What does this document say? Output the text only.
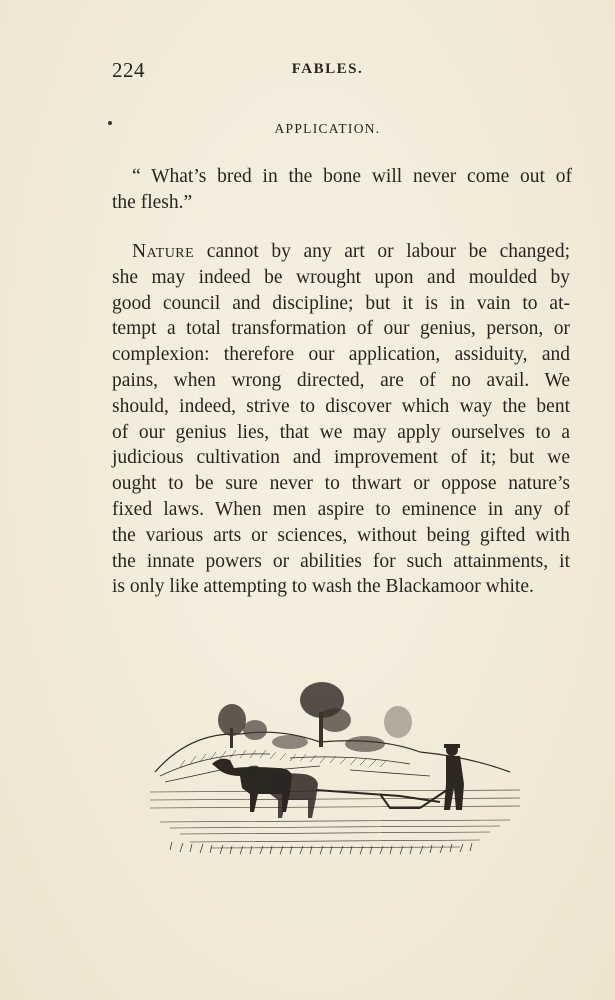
224	FABLES.
APPLICATION.
“ What’s bred in the bone will never come out of
the flesh.”
Nature cannot by any art or labour be changed;
she may indeed be wrought upon and moulded by
good council and discipline; but it is in vain to at-
tempt a total transformation of our genius, person, or
complexion: therefore our application, assiduity, and
pains, when wrong directed, are of no avail. We
should, indeed, strive to discover which way the bent
of our genius lies, that we may apply ourselves to a
judicious cultivation and improvement of it; but we
ought to be sure never to thwart or oppose nature’s
fixed laws. When men aspire to eminence in any of
the various arts or sciences, without being gifted with
the innate powers or abilities for such attainments, it
is only like attempting to wash the Blackamoor white.
